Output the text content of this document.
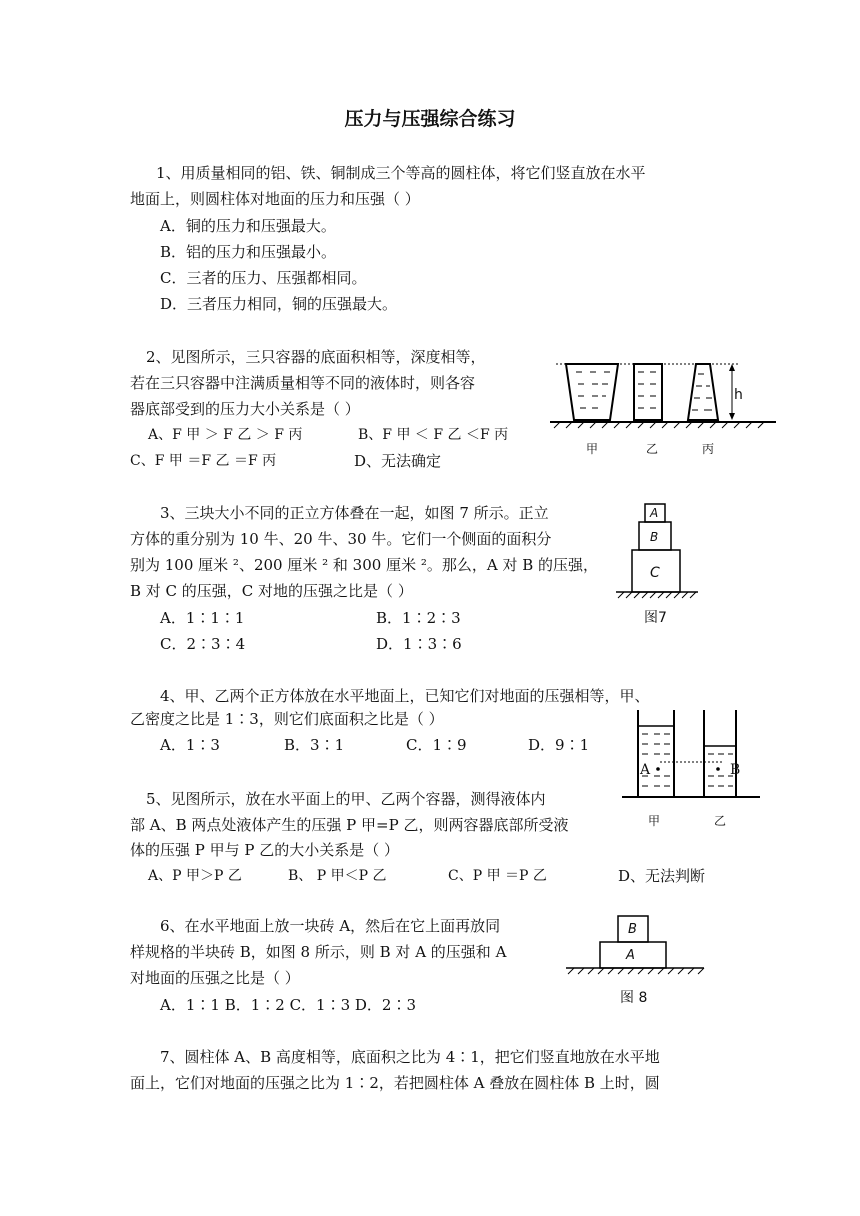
压力与压强综合练习
1、用质量相同的铝、铁、铜制成三个等高的圆柱体，将它们竖直放在水平
地面上，则圆柱体对地面的压力和压强（ ）
A．铜的压力和压强最大。
B．铝的压力和压强最小。
C．三者的压力、压强都相同。
D．三者压力相同，铜的压强最大。
2、见图所示，三只容器的底面积相等，深度相等，
若在三只容器中注满质量相等不同的液体时，则各容
器底部受到的压力大小关系是（ ）
A、F 甲 ＞ F 乙 ＞ F 丙	B、F 甲 ＜ F 乙 ＜F 丙
C、F 甲 ＝F 乙 ＝F 丙	D、无法确定
h
甲	乙	丙
3、三块大小不同的正立方体叠在一起，如图 7 所示。正立
方体的重分别为 10 牛、20 牛、30 牛。它们一个侧面的面积分
别为 100 厘米 ²、200 厘米 ² 和 300 厘米 ²。那么，A 对 B 的压强，
B 对 C 的压强，C 对地的压强之比是（ ）
A．1∶1∶1	B．1∶2∶3
C．2∶3∶4	D．1∶3∶6
A
B
C
图7
4、甲、乙两个正方体放在水平地面上，已知它们对地面的压强相等，甲、
乙密度之比是 1∶3，则它们底面积之比是（ ）
A．1∶3	B．3∶1	C．1∶9	D．9∶1
A	B
甲	乙
5、见图所示，放在水平面上的甲、乙两个容器，测得液体内
部 A、B 两点处液体产生的压强 P 甲=P 乙，则两容器底部所受液
体的压强 P 甲与 P 乙的大小关系是（ ）
A、P 甲＞P 乙	B、 P 甲＜P 乙	C、P 甲 ＝P 乙	D、无法判断
6、在水平地面上放一块砖 A，然后在它上面再放同
样规格的半块砖 B，如图 8 所示，则 B 对 A 的压强和 A
对地面的压强之比是（ ）
A．1∶1 B．1∶2 C．1∶3 D．2∶3
B
A
图 8
7、圆柱体 A、B 高度相等，底面积之比为 4∶1，把它们竖直地放在水平地
面上，它们对地面的压强之比为 1∶2，若把圆柱体 A 叠放在圆柱体 B 上时，圆
